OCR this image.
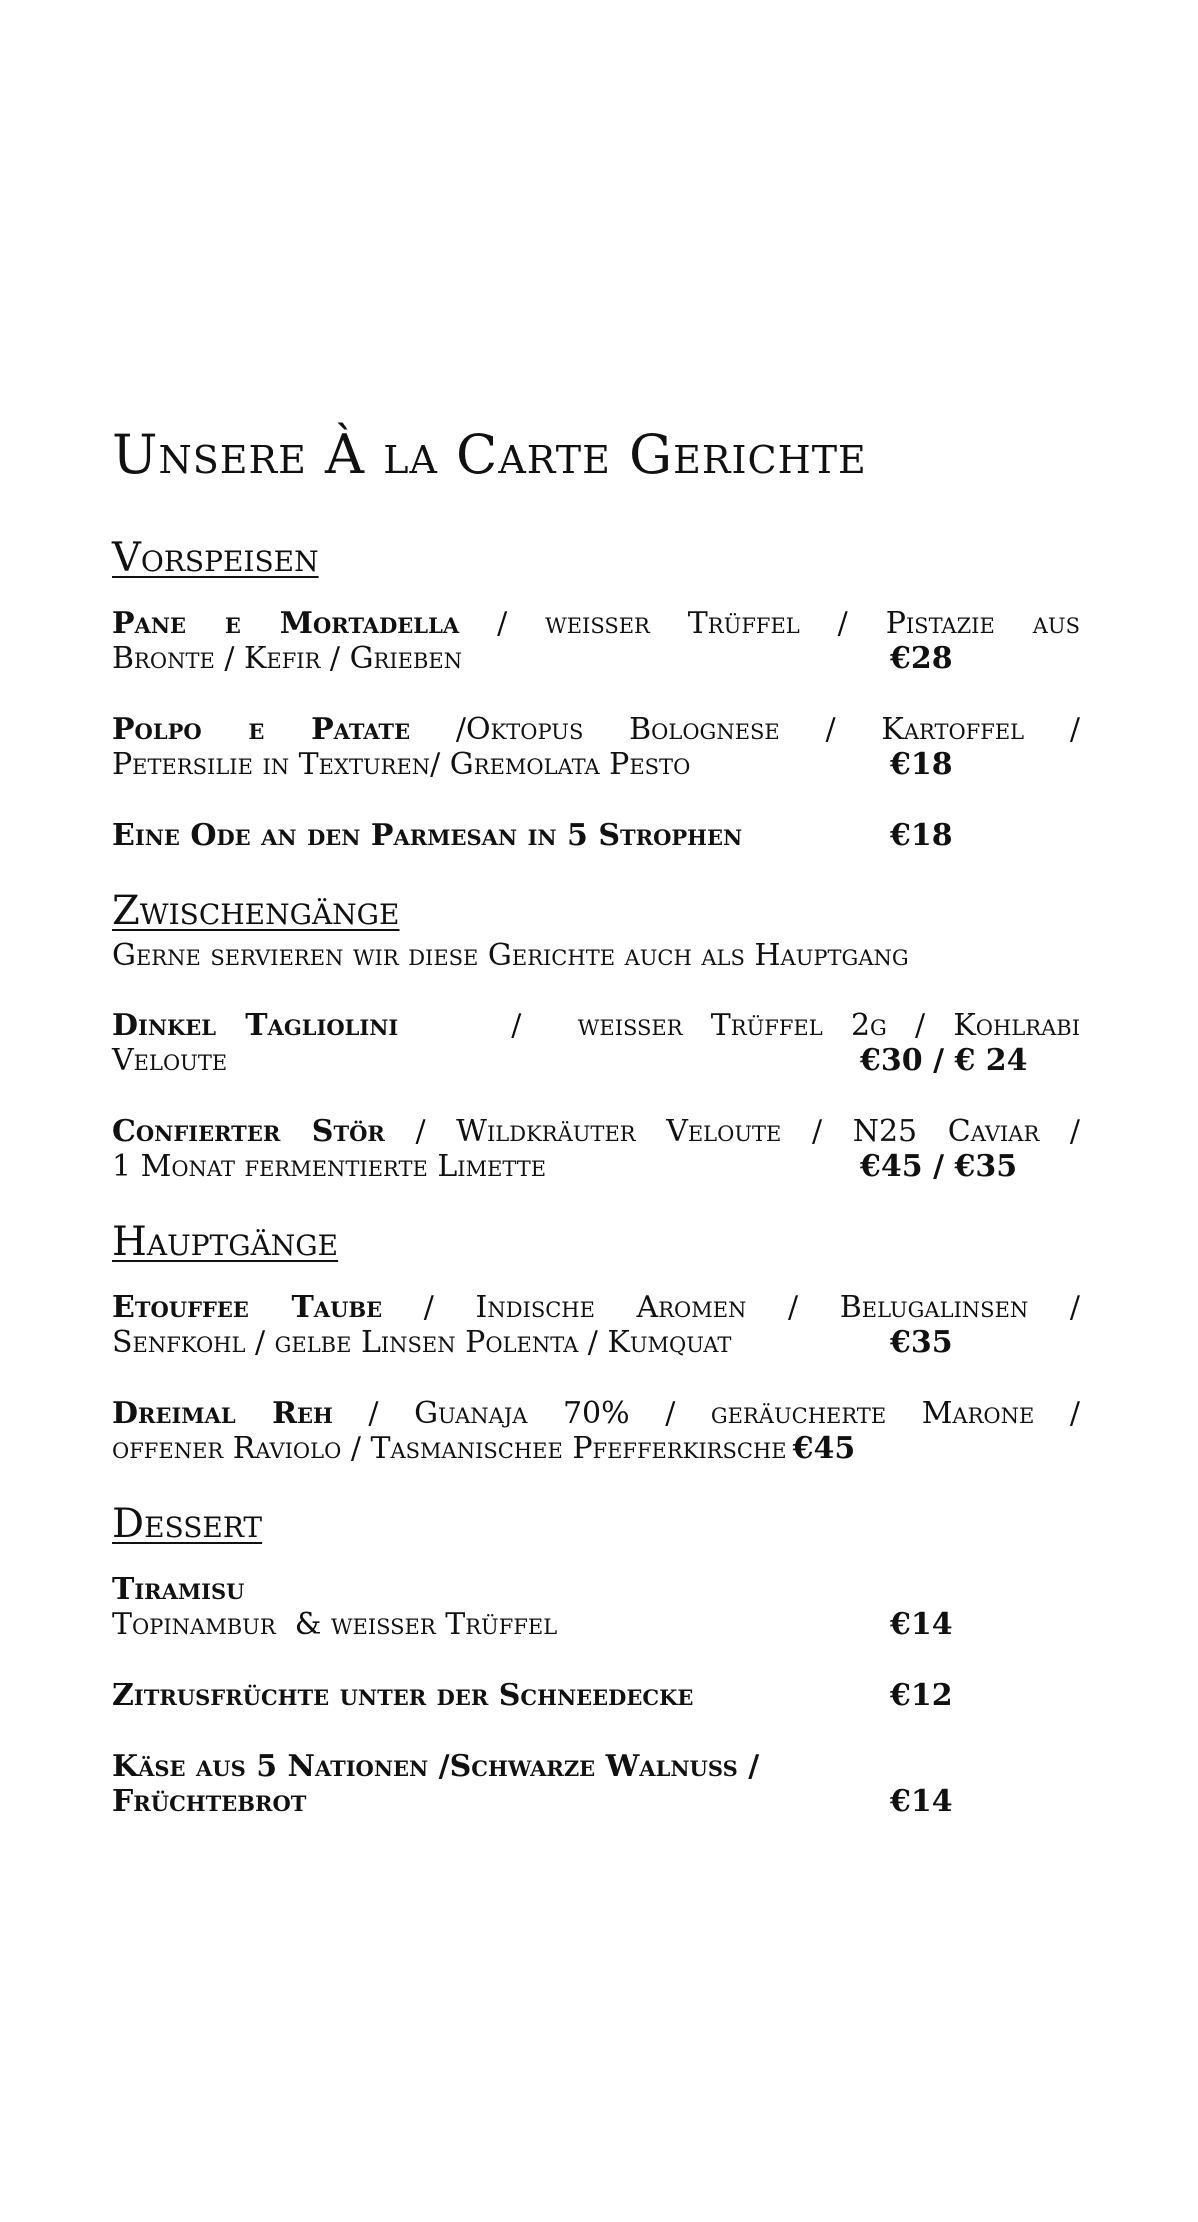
Unsere À la Carte Gerichte
Vorspeisen
Pane e Mortadella / weisser Trüffel / Pistazie aus
Bronte / Kefir / Grieben	€28
Polpo e Patate /Oktopus Bolognese / Kartoffel /
Petersilie in Texturen/ Gremolata Pesto	€18
Eine Ode an den Parmesan in 5 Strophen	€18
Zwischengänge
Gerne servieren wir diese Gerichte auch als Hauptgang
Dinkel Tagliolini    /  weisser Trüffel 2g / Kohlrabi
Veloute	€30 / € 24
Confierter Stör / Wildkräuter Veloute / N25 Caviar /
1 Monat fermentierte Limette	€45 / €35
Hauptgänge
Etouffee Taube / Indische Aromen / Belugalinsen /
Senfkohl / gelbe Linsen Polenta / Kumquat	€35
Dreimal Reh / Guanaja 70% / geräucherte Marone /
offener Raviolo / Tasmanischee Pfefferkirsche €45
Dessert
Tiramisu
Topinambur  & weisser Trüffel	€14
Zitrusfrüchte unter der Schneedecke	€12
Käse aus 5 Nationen /Schwarze Walnuss /
Früchtebrot	€14
